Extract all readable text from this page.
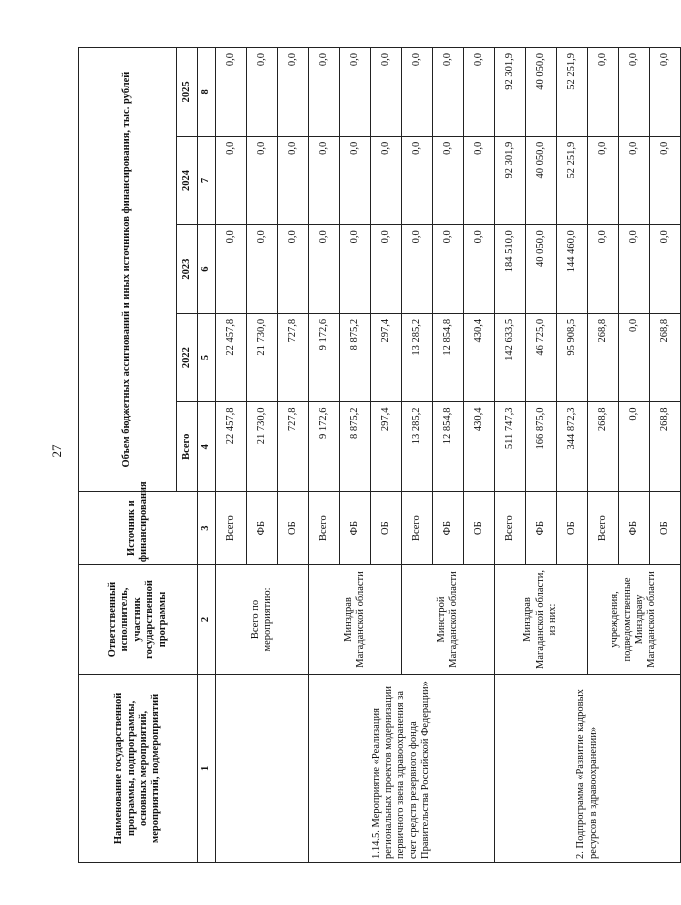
27
Наименование государственной программы, подпрограммы, основных мероприятий, мероприятий, подмероприятий	Ответственный исполнитель, участник государственной программы	Источник и финансирования	Объем бюджетных ассигнований и иных источников финансирования, тыс. рублей				
			Всего	2022	2023	2024	2025
1	2	3	4	5	6	7	8
	Всего по мероприятию:	Всего	22 457,8	22 457,8	0,0	0,0	0,0
		ФБ	21 730,0	21 730,0	0,0	0,0	0,0
		ОБ	727,8	727,8	0,0	0,0	0,0
1.14.5. Мероприятие «Реализация региональных проектов модернизации первичного звена здравоохранения за счет средств резервного фонда Правительства Российской Федерации»	Минздрав Магаданской области	Всего	9 172,6	9 172,6	0,0	0,0	0,0
		ФБ	8 875,2	8 875,2	0,0	0,0	0,0
		ОБ	297,4	297,4	0,0	0,0	0,0
	Минстрой Магаданской области	Всего	13 285,2	13 285,2	0,0	0,0	0,0
		ФБ	12 854,8	12 854,8	0,0	0,0	0,0
		ОБ	430,4	430,4	0,0	0,0	0,0
2. Подпрограмма «Развитие кадровых ресурсов в здравоохранении»	Минздрав Магаданской области, из них:	Всего	511 747,3	142 633,5	184 510,0	92 301,9	92 301,9
		ФБ	166 875,0	46 725,0	40 050,0	40 050,0	40 050,0
		ОБ	344 872,3	95 908,5	144 460,0	52 251,9	52 251,9
	учреждения, подведомственные Минздраву Магаданской области	Всего	268,8	268,8	0,0	0,0	0,0
		ФБ	0,0	0,0	0,0	0,0	0,0
		ОБ	268,8	268,8	0,0	0,0	0,0
